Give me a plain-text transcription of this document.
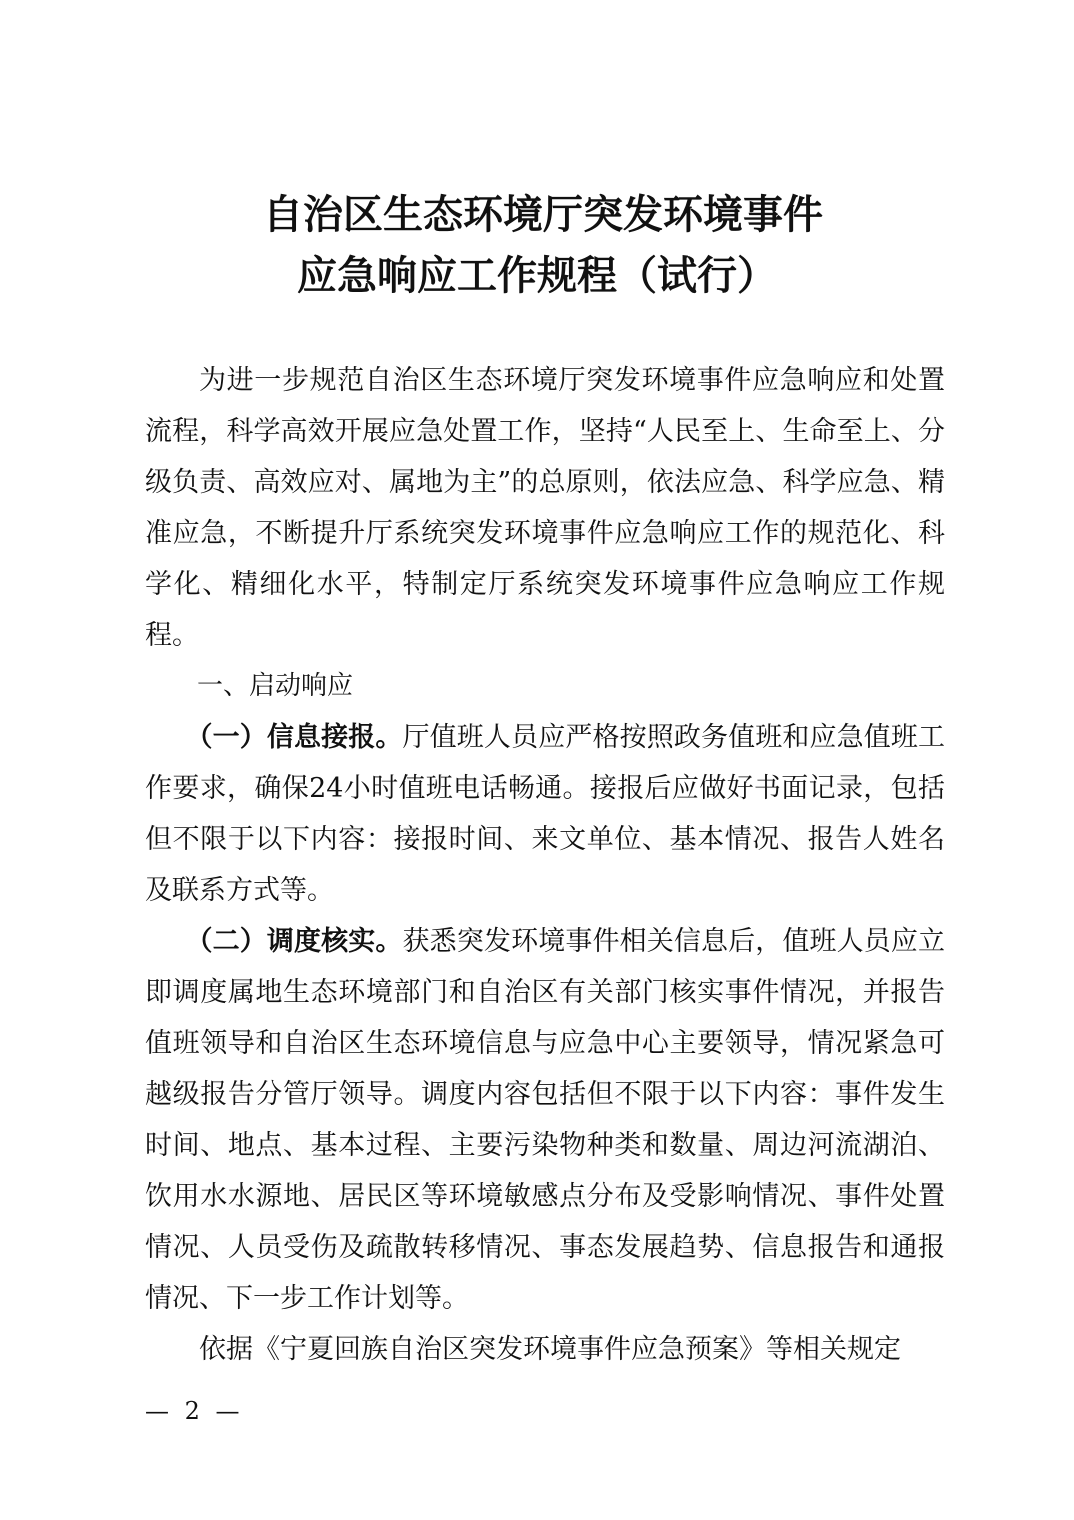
自治区生态环境厅突发环境事件
应急响应工作规程（试行）

为进一步规范自治区生态环境厅突发环境事件应急响应和处置流程，科学高效开展应急处置工作，坚持“人民至上、生命至上、分级负责、高效应对、属地为主”的总原则，依法应急、科学应急、精准应急，不断提升厅系统突发环境事件应急响应工作的规范化、科学化、精细化水平，特制定厅系统突发环境事件应急响应工作规程。

一、启动响应

（一）信息接报。厅值班人员应严格按照政务值班和应急值班工作要求，确保24小时值班电话畅通。接报后应做好书面记录，包括但不限于以下内容：接报时间、来文单位、基本情况、报告人姓名及联系方式等。

（二）调度核实。获悉突发环境事件相关信息后，值班人员应立即调度属地生态环境部门和自治区有关部门核实事件情况，并报告值班领导和自治区生态环境信息与应急中心主要领导，情况紧急可越级报告分管厅领导。调度内容包括但不限于以下内容：事件发生时间、地点、基本过程、主要污染物种类和数量、周边河流湖泊、饮用水水源地、居民区等环境敏感点分布及受影响情况、事件处置情况、人员受伤及疏散转移情况、事态发展趋势、信息报告和通报情况、下一步工作计划等。

依据《宁夏回族自治区突发环境事件应急预案》等相关规定

— 2 —
